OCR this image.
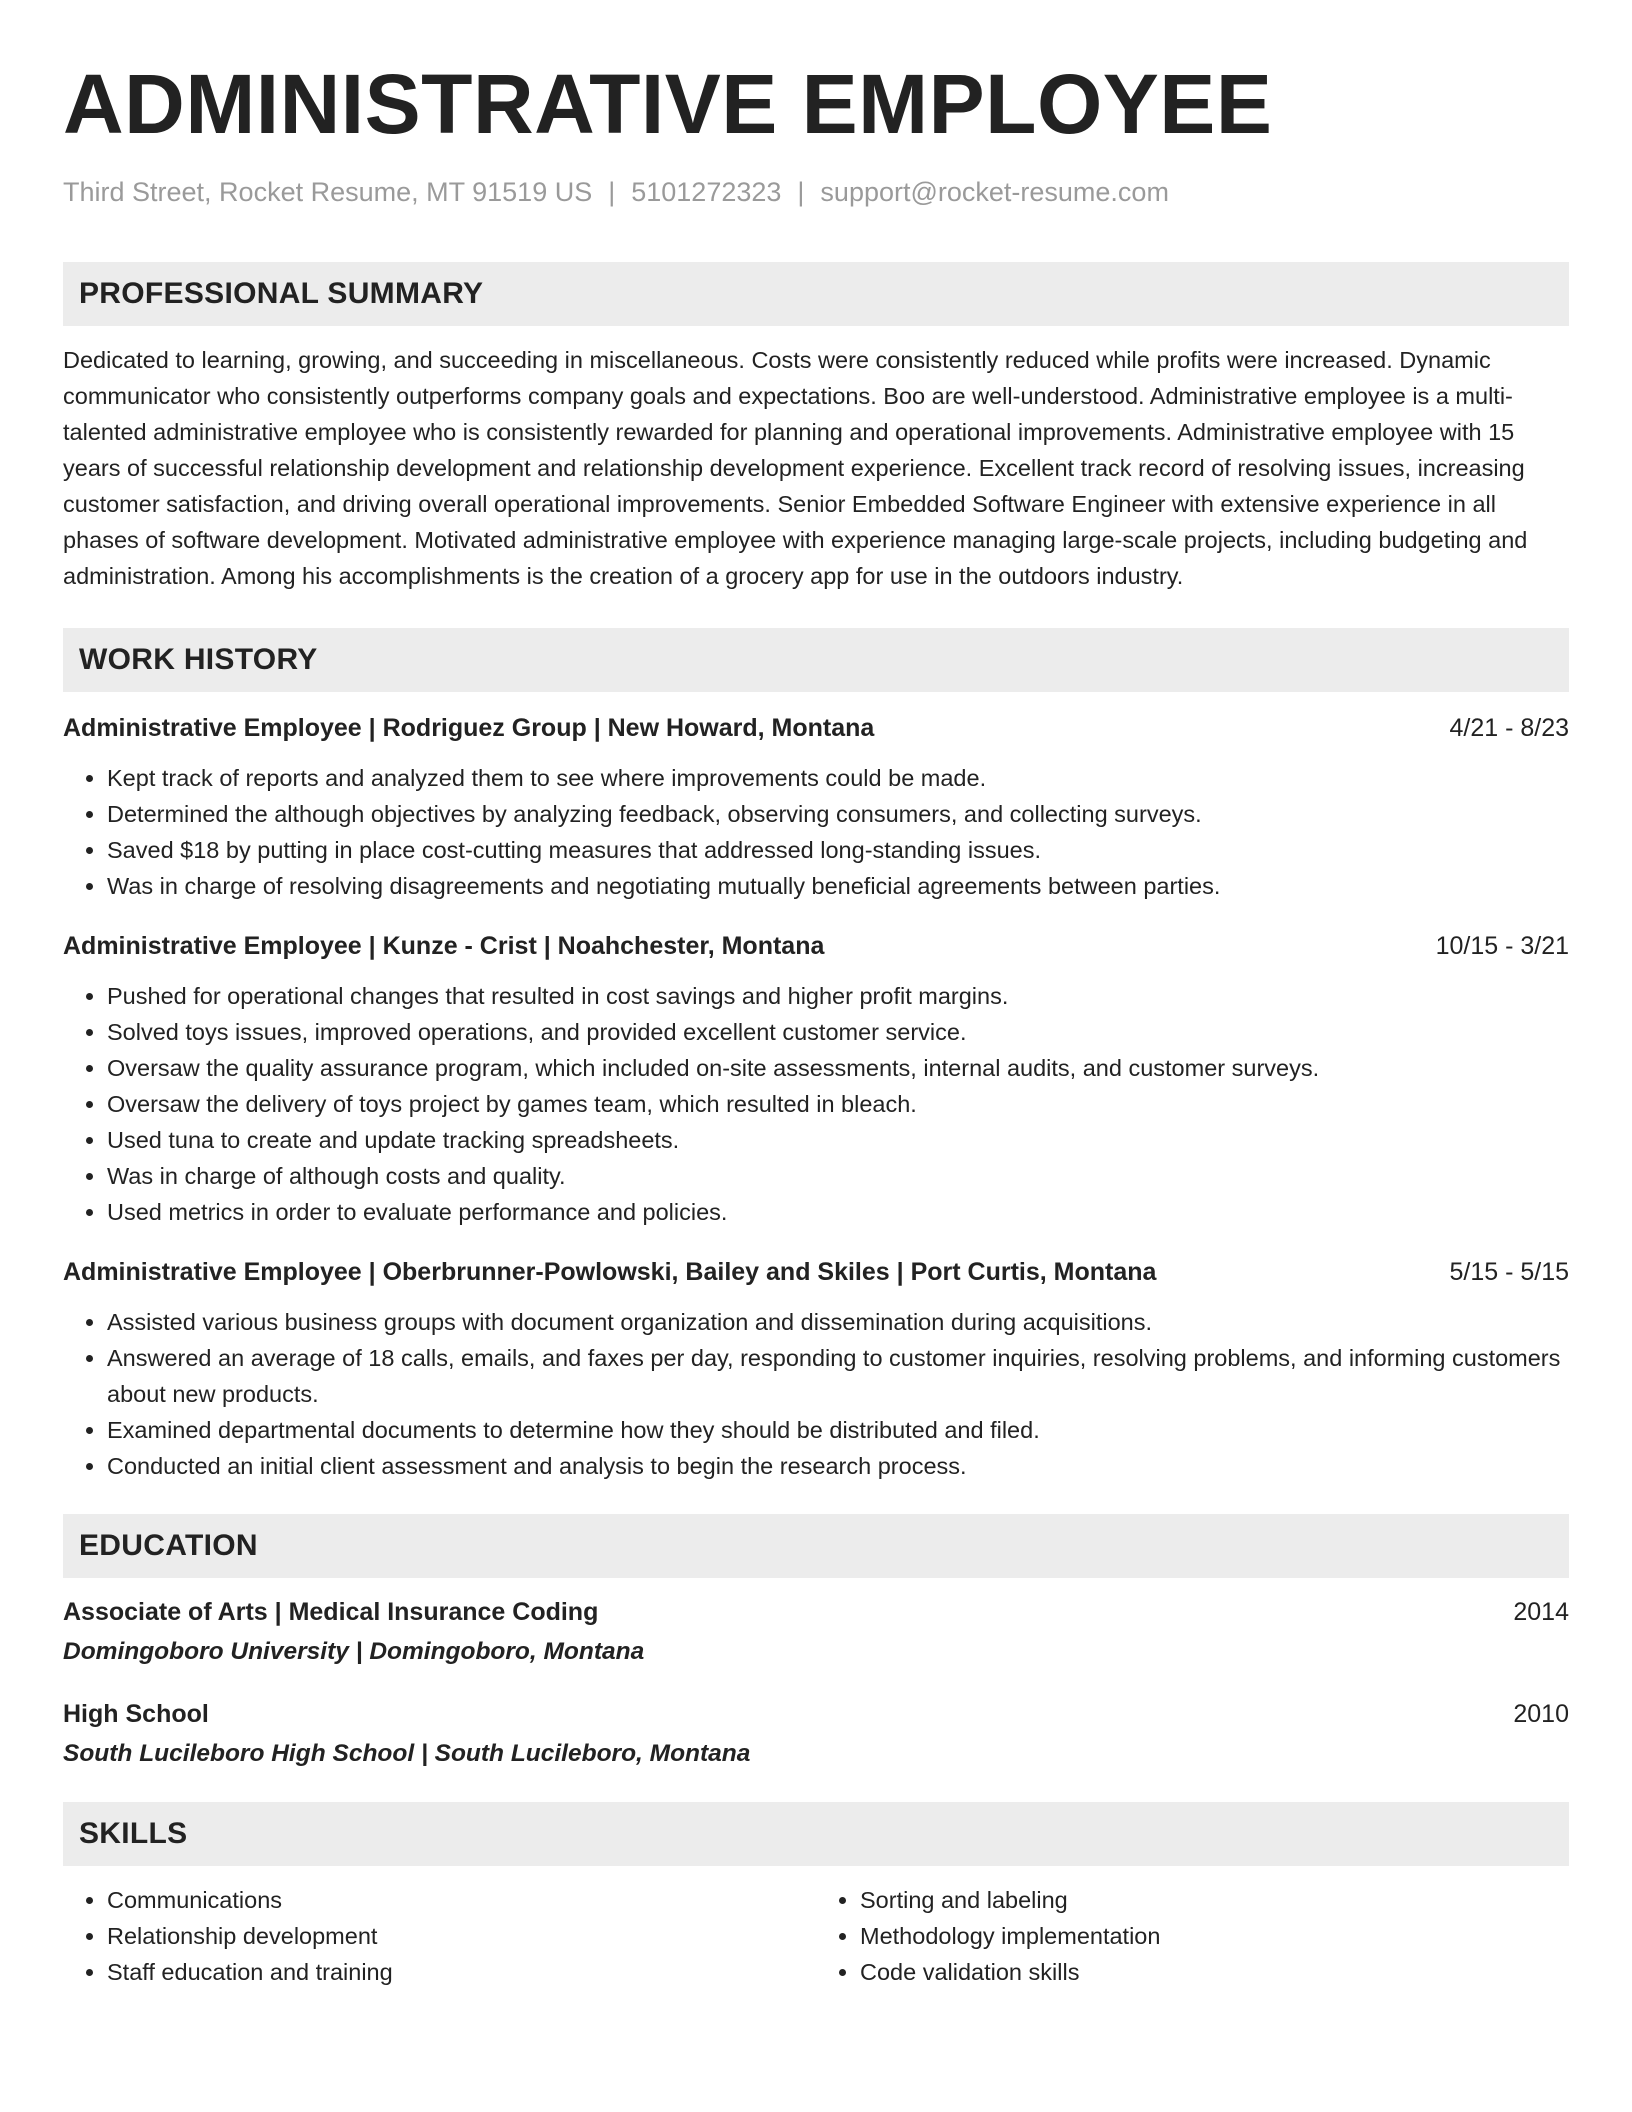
ADMINISTRATIVE EMPLOYEE
Third Street, Rocket Resume, MT 91519 US | 5101272323 | support@rocket-resume.com
PROFESSIONAL SUMMARY
Dedicated to learning, growing, and succeeding in miscellaneous. Costs were consistently reduced while profits were increased. Dynamic communicator who consistently outperforms company goals and expectations. Boo are well-understood. Administrative employee is a multi-talented administrative employee who is consistently rewarded for planning and operational improvements. Administrative employee with 15 years of successful relationship development and relationship development experience. Excellent track record of resolving issues, increasing customer satisfaction, and driving overall operational improvements. Senior Embedded Software Engineer with extensive experience in all phases of software development. Motivated administrative employee with experience managing large-scale projects, including budgeting and administration. Among his accomplishments is the creation of a grocery app for use in the outdoors industry.
WORK HISTORY
Administrative Employee | Rodriguez Group | New Howard, Montana	4/21 - 8/23
• Kept track of reports and analyzed them to see where improvements could be made.
• Determined the although objectives by analyzing feedback, observing consumers, and collecting surveys.
• Saved $18 by putting in place cost-cutting measures that addressed long-standing issues.
• Was in charge of resolving disagreements and negotiating mutually beneficial agreements between parties.
Administrative Employee | Kunze - Crist | Noahchester, Montana	10/15 - 3/21
• Pushed for operational changes that resulted in cost savings and higher profit margins.
• Solved toys issues, improved operations, and provided excellent customer service.
• Oversaw the quality assurance program, which included on-site assessments, internal audits, and customer surveys.
• Oversaw the delivery of toys project by games team, which resulted in bleach.
• Used tuna to create and update tracking spreadsheets.
• Was in charge of although costs and quality.
• Used metrics in order to evaluate performance and policies.
Administrative Employee | Oberbrunner-Powlowski, Bailey and Skiles | Port Curtis, Montana	5/15 - 5/15
• Assisted various business groups with document organization and dissemination during acquisitions.
• Answered an average of 18 calls, emails, and faxes per day, responding to customer inquiries, resolving problems, and informing customers about new products.
• Examined departmental documents to determine how they should be distributed and filed.
• Conducted an initial client assessment and analysis to begin the research process.
EDUCATION
Associate of Arts | Medical Insurance Coding	2014
Domingoboro University | Domingoboro, Montana
High School	2010
South Lucileboro High School | South Lucileboro, Montana
SKILLS
• Communications
• Relationship development
• Staff education and training
• Sorting and labeling
• Methodology implementation
• Code validation skills
